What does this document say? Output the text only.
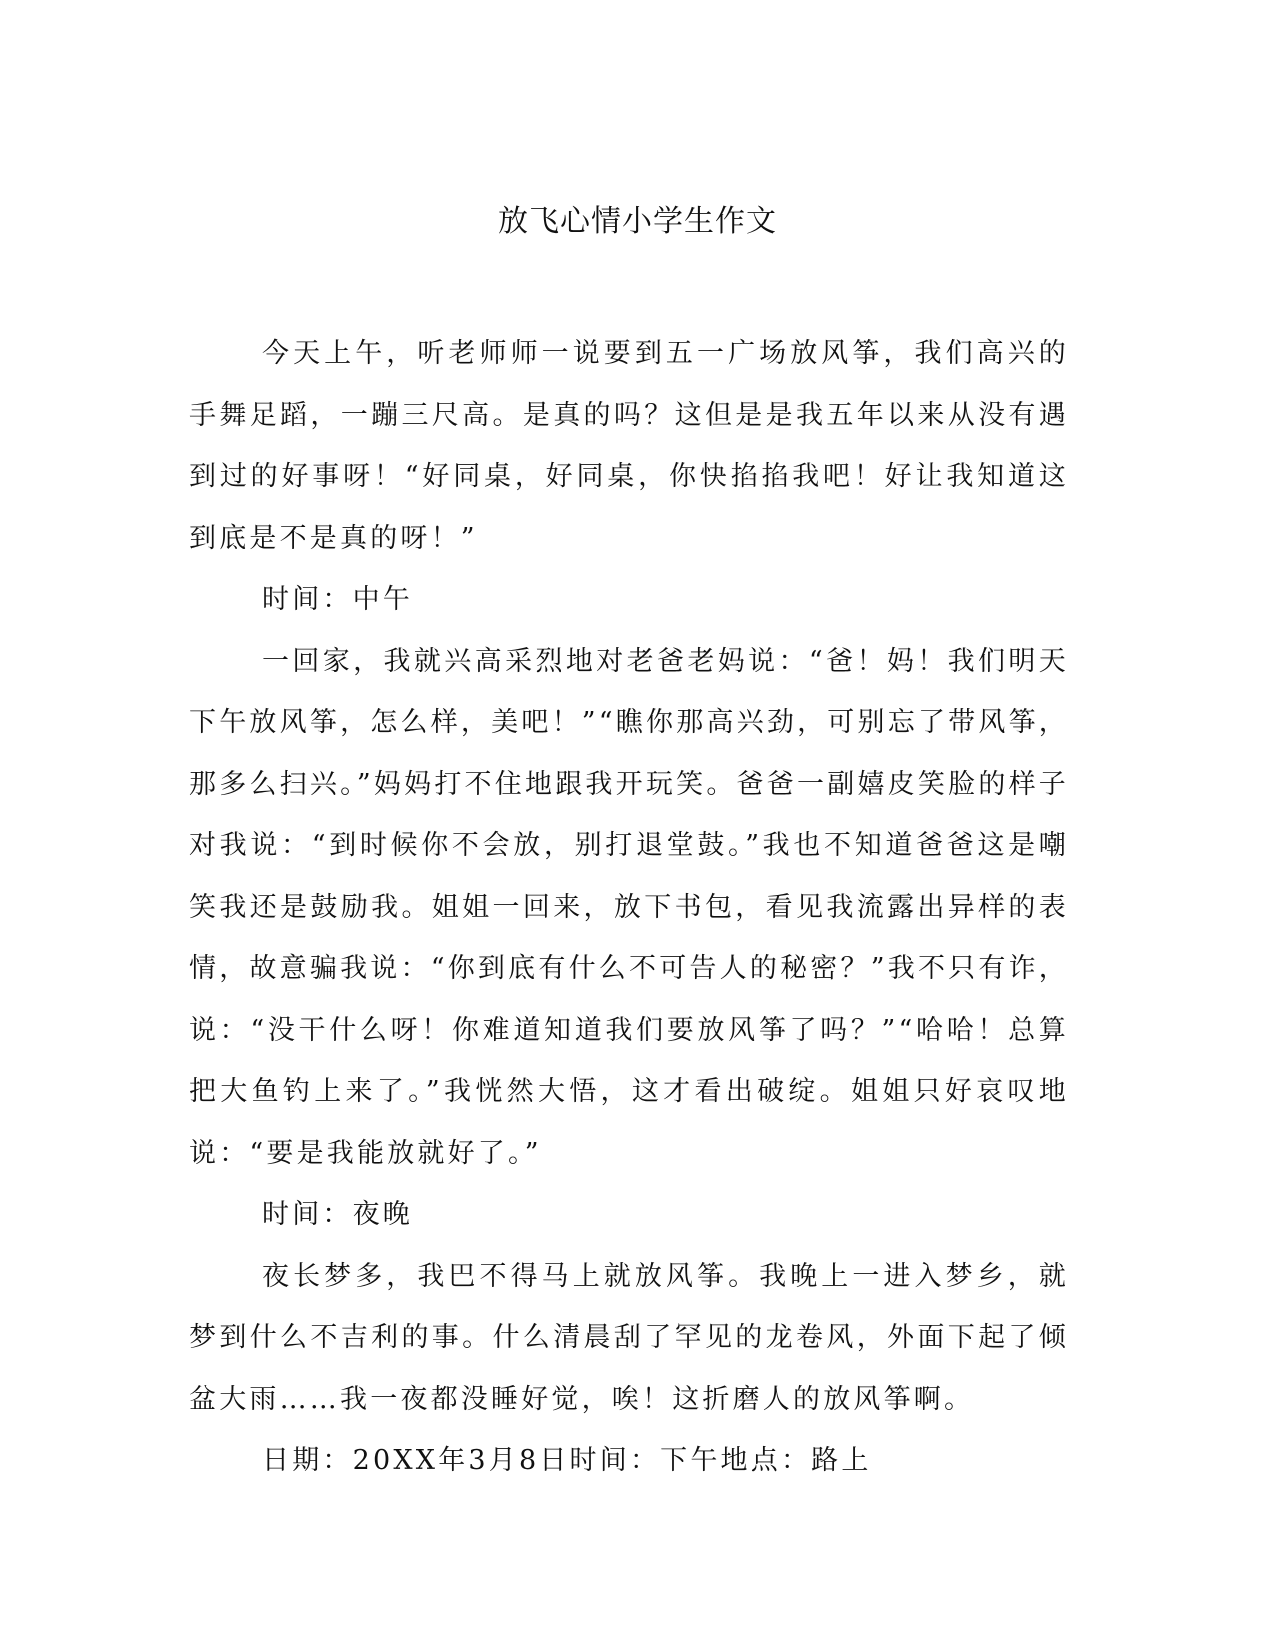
放飞心情小学生作文

今天上午，听老师师一说要到五一广场放风筝，我们高兴的手舞足蹈，一蹦三尺高。是真的吗？这但是是我五年以来从没有遇到过的好事呀！“好同桌，好同桌，你快掐掐我吧！好让我知道这到底是不是真的呀！”

时间：中午

一回家，我就兴高采烈地对老爸老妈说：“爸！妈！我们明天下午放风筝，怎么样，美吧！”“瞧你那高兴劲，可别忘了带风筝，那多么扫兴。”妈妈打不住地跟我开玩笑。爸爸一副嬉皮笑脸的样子对我说：“到时候你不会放，别打退堂鼓。”我也不知道爸爸这是嘲笑我还是鼓励我。姐姐一回来，放下书包，看见我流露出异样的表情，故意骗我说：“你到底有什么不可告人的秘密？”我不只有诈，说：“没干什么呀！你难道知道我们要放风筝了吗？”“哈哈！总算把大鱼钓上来了。”我恍然大悟，这才看出破绽。姐姐只好哀叹地说：“要是我能放就好了。”

时间：夜晚

夜长梦多，我巴不得马上就放风筝。我晚上一进入梦乡，就梦到什么不吉利的事。什么清晨刮了罕见的龙卷风，外面下起了倾盆大雨……我一夜都没睡好觉，唉！这折磨人的放风筝啊。

日期：20XX年3月8日时间：下午地点：路上
